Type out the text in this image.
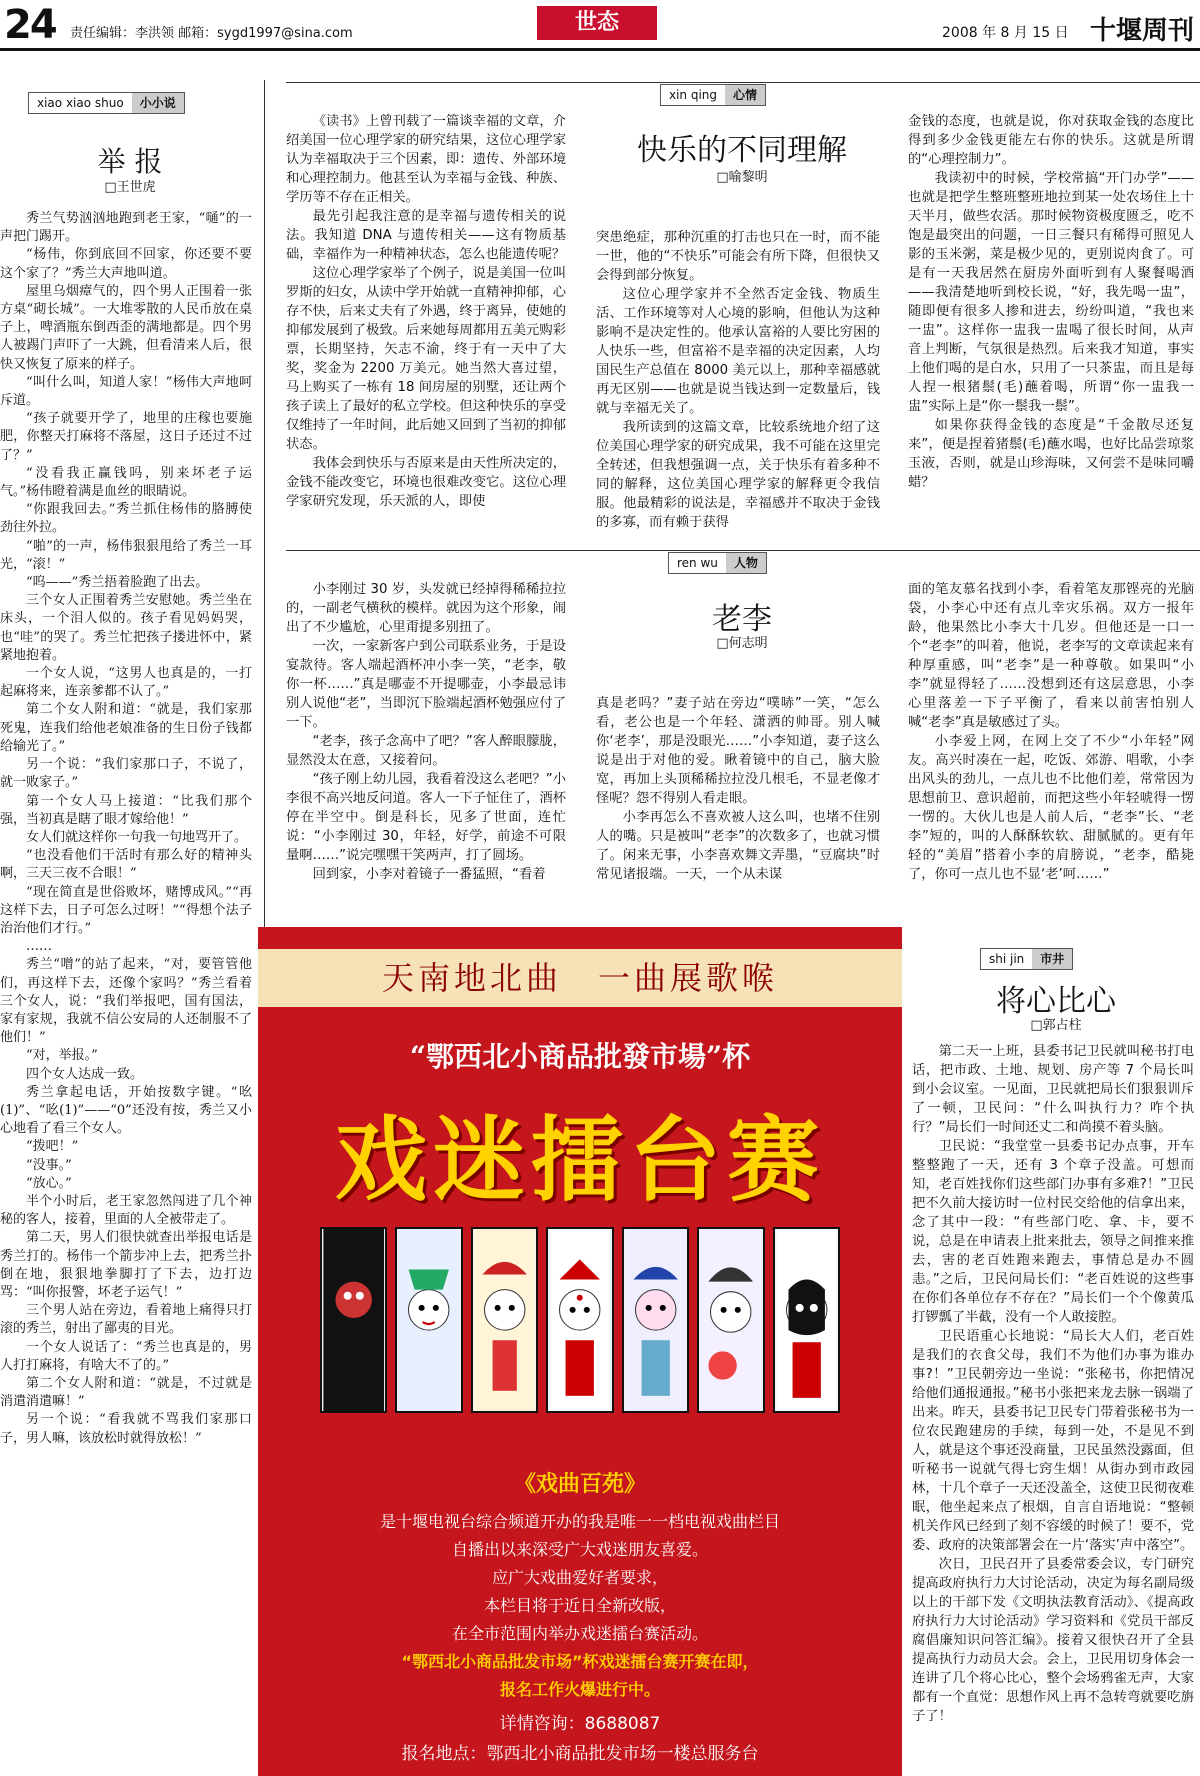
24 责任编辑：李洪领 邮箱：sygd1997@sina.com	世态	2008 年 8 月 15 日 十堰周刊
xiao xiao shuo	小小说
举 报
□王世虎

秀兰气势汹汹地跑到老王家，“嗵”的一声把门踢开。

“杨伟，你到底回不回家，你还要不要这个家了？”秀兰大声地叫道。

屋里乌烟瘴气的，四个男人正围着一张方桌“砌长城”。一大堆零散的人民币放在桌子上，啤酒瓶东倒西歪的满地都是。四个男人被踢门声吓了一大跳，但看清来人后，很快又恢复了原来的样子。

“叫什么叫，知道人家！”杨伟大声地呵斥道。

“孩子就要开学了，地里的庄稼也要施肥，你整天打麻将不落屋，这日子还过不过了？”

“没看我正赢钱吗，别来坏老子运气。”杨伟瞪着满是血丝的眼睛说。

“你跟我回去。”秀兰抓住杨伟的胳膊使劲往外拉。

“啪”的一声，杨伟狠狠甩给了秀兰一耳光，“滚！”

“呜——”秀兰捂着脸跑了出去。

三个女人正围着秀兰安慰她。秀兰坐在床头，一个泪人似的。孩子看见妈妈哭，也“哇”的哭了。秀兰忙把孩子搂进怀中，紧紧地抱着。

一个女人说，“这男人也真是的，一打起麻将来，连亲爹都不认了。”

第二个女人附和道：“就是，我们家那死鬼，连我们给他老娘准备的生日份子钱都给输光了。”

另一个说：“我们家那口子，不说了，就一败家子。”

第一个女人马上接道：“比我们那个强，当初真是瞎了眼才嫁给他！”

女人们就这样你一句我一句地骂开了。

“也没看他们干活时有那么好的精神头啊，三天三夜不合眼！”

“现在简直是世俗败坏，赌博成风。”“再这样下去，日子可怎么过呀！”“得想个法子治治他们才行。”

……

秀兰“噌”的站了起来，“对，要管管他们，再这样下去，还像个家吗？”秀兰看着三个女人，说：“我们举报吧，国有国法，家有家规，我就不信公安局的人还制服不了他们！”

“对，举报。”

四个女人达成一致。

秀兰拿起电话，开始按数字键。“吆(1)”、“吆(1)”——“0”还没有按，秀兰又小心地看了看三个女人。

“拨吧！”

“没事。”

“放心。”

半个小时后，老王家忽然闯进了几个神秘的客人，接着，里面的人全被带走了。

第二天，男人们很快就查出举报电话是秀兰打的。杨伟一个箭步冲上去，把秀兰扑倒在地，狠狠地拳脚打了下去，边打边骂：“叫你报警，坏老子运气！”

三个男人站在旁边，看着地上痛得只打滚的秀兰，射出了鄙夷的目光。

一个女人说话了：“秀兰也真是的，男人打打麻将，有啥大不了的。”

第二个女人附和道：“就是，不过就是消遣消遣嘛！”

另一个说：“看我就不骂我们家那口子，男人嘛，该放松时就得放松！”

xin qing	心情

《读书》上曾刊载了一篇谈幸福的文章，介绍美国一位心理学家的研究结果，这位心理学家认为幸福取决于三个因素，即：遗传、外部环境和心理控制力。他甚至认为幸福与金钱、种族、学历等不存在正相关。

最先引起我注意的是幸福与遗传相关的说法。我知道 DNA 与遗传相关——这有物质基础，幸福作为一种精神状态，怎么也能遗传呢？

这位心理学家举了个例子，说是美国一位叫罗斯的妇女，从读中学开始就一直精神抑郁，心存不快，后来丈夫有了外遇，终于离异，使她的抑郁发展到了极致。后来她每周都用五美元购彩票，长期坚持，矢志不渝，终于有一天中了大奖，奖金为 2200 万美元。她当然大喜过望，马上购买了一栋有 18 间房屋的别墅，还让两个孩子读上了最好的私立学校。但这种快乐的享受仅维持了一年时间，此后她又回到了当初的抑郁状态。

我体会到快乐与否原来是由天性所决定的，金钱不能改变它，环境也很难改变它。这位心理学家研究发现，乐天派的人，即使

快乐的不同理解
□喻黎明

突患绝症，那种沉重的打击也只在一时，而不能一世，他的“不快乐”可能会有所下降，但很快又会得到部分恢复。

这位心理学家并不全然否定金钱、物质生活、工作环境等对人心境的影响，但他认为这种影响不是决定性的。他承认富裕的人要比穷困的人快乐一些，但富裕不是幸福的决定因素，人均国民生产总值在 8000 美元以上，那种幸福感就再无区别——也就是说当钱达到一定数量后，钱就与幸福无关了。

我所读到的这篇文章，比较系统地介绍了这位美国心理学家的研究成果，我不可能在这里完全转述，但我想强调一点，关于快乐有着多种不同的解释，这位美国心理学家的解释更令我信服。他最精彩的说法是，幸福感并不取决于金钱的多寡，而有赖于获得

金钱的态度，也就是说，你对获取金钱的态度比得到多少金钱更能左右你的快乐。这就是所谓的“心理控制力”。

我读初中的时候，学校常搞“开门办学”——也就是把学生整班整班地拉到某一处农场住上十天半月，做些农活。那时候物资极度匮乏，吃不饱是最突出的问题，一日三餐只有稀得可照见人影的玉米粥，菜是极少见的，更别说肉食了。可是有一天我居然在厨房外面听到有人聚餐喝酒——我清楚地听到校长说，“好，我先喝一盅”，随即便有很多人掺和进去，纷纷叫道，“我也来一盅”。这样你一盅我一盅喝了很长时间，从声音上判断，气氛很是热烈。后来我才知道，事实上他们喝的是白水，只用了一只茶盅，而且是每人捏一根猪鬃(毛)蘸着喝，所谓“你一盅我一盅”实际上是“你一鬃我一鬃”。

如果你获得金钱的态度是“千金散尽还复来”，便是捏着猪鬃(毛)蘸水喝，也好比品尝琼浆玉液，否则，就是山珍海味，又何尝不是味同嚼蜡？

ren wu	人物

小李刚过 30 岁，头发就已经掉得稀稀拉拉的，一副老气横秋的模样。就因为这个形象，闹出了不少尴尬，心里甭提多别扭了。

一次，一家新客户到公司联系业务，于是设宴款待。客人端起酒杯冲小李一笑，“老李，敬你一杯……”真是哪壶不开提哪壶，小李最忌讳别人说他“老”，当即沉下脸端起酒杯勉强应付了一下。

“老李，孩子念高中了吧？”客人醉眼朦胧，显然没太在意，又接着问。

“孩子刚上幼儿园，我看着没这么老吧？”小李很不高兴地反问道。客人一下子怔住了，酒杯停在半空中。倒是科长，见多了世面，连忙说：“小李刚过 30，年轻，好学，前途不可限量啊……”说完嘿嘿干笑两声，打了圆场。

回到家，小李对着镜子一番猛照，“看着

老李
□何志明

真是老吗？”妻子站在旁边“噗哧”一笑，“怎么看，老公也是一个年轻、潇洒的帅哥。别人喊你‘老李’，那是没眼光……”小李知道，妻子这么说是出于对他的爱。瞅着镜中的自己，脑大脸宽，再加上头顶稀稀拉拉没几根毛，不显老像才怪呢？怨不得别人看走眼。

小李再怎么不喜欢被人这么叫，也堵不住别人的嘴。只是被叫“老李”的次数多了，也就习惯了。闲来无事，小李喜欢舞文弄墨，“豆腐块”时常见诸报端。一天，一个从未谋

面的笔友慕名找到小李，看着笔友那铿亮的光脑袋，小李心中还有点儿幸灾乐祸。双方一报年龄，他果然比小李大十几岁。但他还是一口一个“老李”的叫着，他说，老李写的文章读起来有种厚重感，叫“老李”是一种尊敬。如果叫“小李”就显得轻了……没想到还有这层意思，小李心里落差一下子平衡了，看来以前害怕别人喊“老李”真是敏感过了头。

小李爱上网，在网上交了不少“小年轻”网友。高兴时凑在一起，吃饭、郊游、唱歌，小李出风头的劲儿，一点儿也不比他们差，常常因为思想前卫、意识超前，而把这些小年轻唬得一愣一愣的。大伙儿也是人前人后，“老李”长、“老李”短的，叫的人酥酥软软、甜腻腻的。更有年轻的“美眉”搭着小李的肩膀说，“老李，酷毙了，你可一点儿也不显‘老’呵……”

天南地北曲　一曲展歌喉
“鄂西北小商品批發市場”杯
戏迷擂台赛
《戏曲百苑》
是十堰电视台综合频道开办的我是唯一一档电视戏曲栏目
自播出以来深受广大戏迷朋友喜爱。
应广大戏曲爱好者要求，
本栏目将于近日全新改版，
在全市范围内举办戏迷擂台赛活动。
“鄂西北小商品批发市场”杯戏迷擂台赛开赛在即，
报名工作火爆进行中。
详情咨询：8688087
报名地点：鄂西北小商品批发市场一楼总服务台
shi jin	市井
将心比心
□郭占柱

第二天一上班，县委书记卫民就叫秘书打电话，把市政、土地、规划、房产等 7 个局长叫到小会议室。一见面，卫民就把局长们狠狠训斥了一顿，卫民问：“什么叫执行力？咋个执行？”局长们一时间还丈二和尚摸不着头脑。

卫民说：“我堂堂一县委书记办点事，开车整整跑了一天，还有 3 个章子没盖。可想而知，老百姓找你们这些部门办事有多难?！”卫民把不久前大接访时一位村民交给他的信拿出来，念了其中一段：“有些部门吃、拿、卡，要不说，总是在申请表上批来批去，领导之间推来推去，害的老百姓跑来跑去，事情总是办不圆恚。”之后，卫民问局长们：“老百姓说的这些事在你们各单位存不存在？”局长们一个个像黄瓜打锣瓢了半截，没有一个人敢接腔。

卫民语重心长地说：“局长大人们，老百姓是我们的衣食父母，我们不为他们办事为谁办事?！”卫民朝旁边一坐说：“张秘书，你把情况给他们通报通报。”秘书小张把来龙去脉一锅端了出来。昨天，县委书记卫民专门带着张秘书为一位农民跑建房的手续，每到一处，不是见不到人，就是这个事还没商量，卫民虽然没露面，但听秘书一说就气得七窍生烟！从街办到市政园林，十几个章子一天还没盖全，这使卫民彻夜难眠，他坐起来点了根烟，自言自语地说：“整顿机关作风已经到了刻不容缓的时候了！要不，党委、政府的决策部署会在一片‘落实’声中落空”。

次日，卫民召开了县委常委会议，专门研究提高政府执行力大讨论活动，决定为每名副局级以上的干部下发《文明执法教育活动》、《提高政府执行力大讨论活动》学习资料和《党员干部反腐倡廉知识问答汇编》。接着又很快召开了全县提高执行力动员大会。会上，卫民用切身体会一连讲了几个将心比心，整个会场鸦雀无声，大家都有一个直觉：思想作风上再不急转弯就要吃旃子了！
